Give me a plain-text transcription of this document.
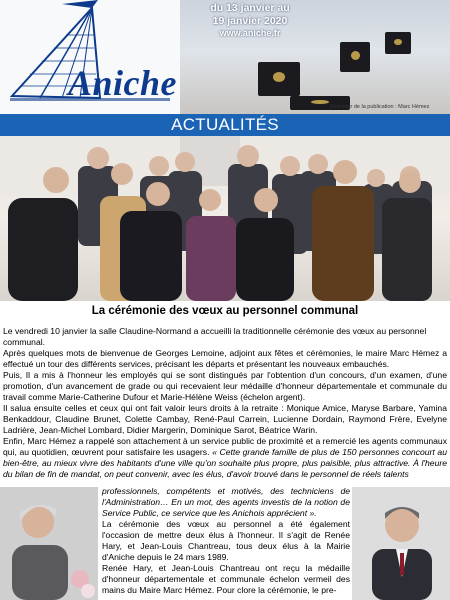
Aniche
du 13 janvier au
19 janvier 2020

www.aniche.fr
Directeur de la publication : Marc Hémez
ACTUALITÉS
La cérémonie des vœux au personnel communal
Le vendredi 10 janvier la salle Claudine-Normand a accueilli la traditionnelle cérémonie des vœux au personnel communal.

Après quelques mots de bienvenue de Georges Lemoine, adjoint aux fêtes et cérémonies, le maire Marc Hémez a effectué un tour des différents services, précisant les départs et présentant les nouveaux embauchés.

Puis, Il a mis à l'honneur les employés qui se sont distingués par l'obtention d'un concours, d'un examen, d'une promotion, d'un avancement de grade ou qui recevaient leur médaille d'honneur départementale et communale du travail comme Marie-Catherine Dufour et Marie-Hélène Weiss (échelon argent).

Il salua ensuite celles et ceux qui ont fait valoir leurs droits à la retraite : Monique Amice, Maryse Barbare, Yamina Benkaddour, Claudine Brunet, Colette Cambay, René-Paul Carrein, Lucienne Dordain, Raymond Frère, Evelyne Ladrière, Jean-Michel Lombard, Didier Margerin, Dominique Sarot, Béatrice Warin.

Enfin, Marc Hémez a rappelé son attachement à un service public de proximité et a remercié les agents communaux qui, au quotidien, œuvrent pour satisfaire les usagers. « Cette grande famille de plus de 150 personnes concourt au bien-être, au mieux vivre des habitants d'une ville qu'on souhaite plus propre, plus paisible, plus attractive. À l'heure du bilan de fin de mandat, on peut convenir, avec les élus, d'avoir trouvé dans le personnel de réels talents

professionnels, compétents et motivés, des techniciens de l'Administration… En un mot, des agents investis de la notion de Service Public, ce service que les Anichois apprécient ».

La cérémonie des vœux au personnel a été également l'occasion de mettre deux élus à l'honneur. Il s'agit de Renée Hary, et Jean-Louis Chantreau, tous deux élus à la Mairie d'Aniche depuis le 24 mars 1989.

Renée Hary, et Jean-Louis Chantreau ont reçu la médaille d'honneur départementale et communale échelon vermeil des mains du Maire Marc Hémez. Pour clore la cérémonie, le pre-
